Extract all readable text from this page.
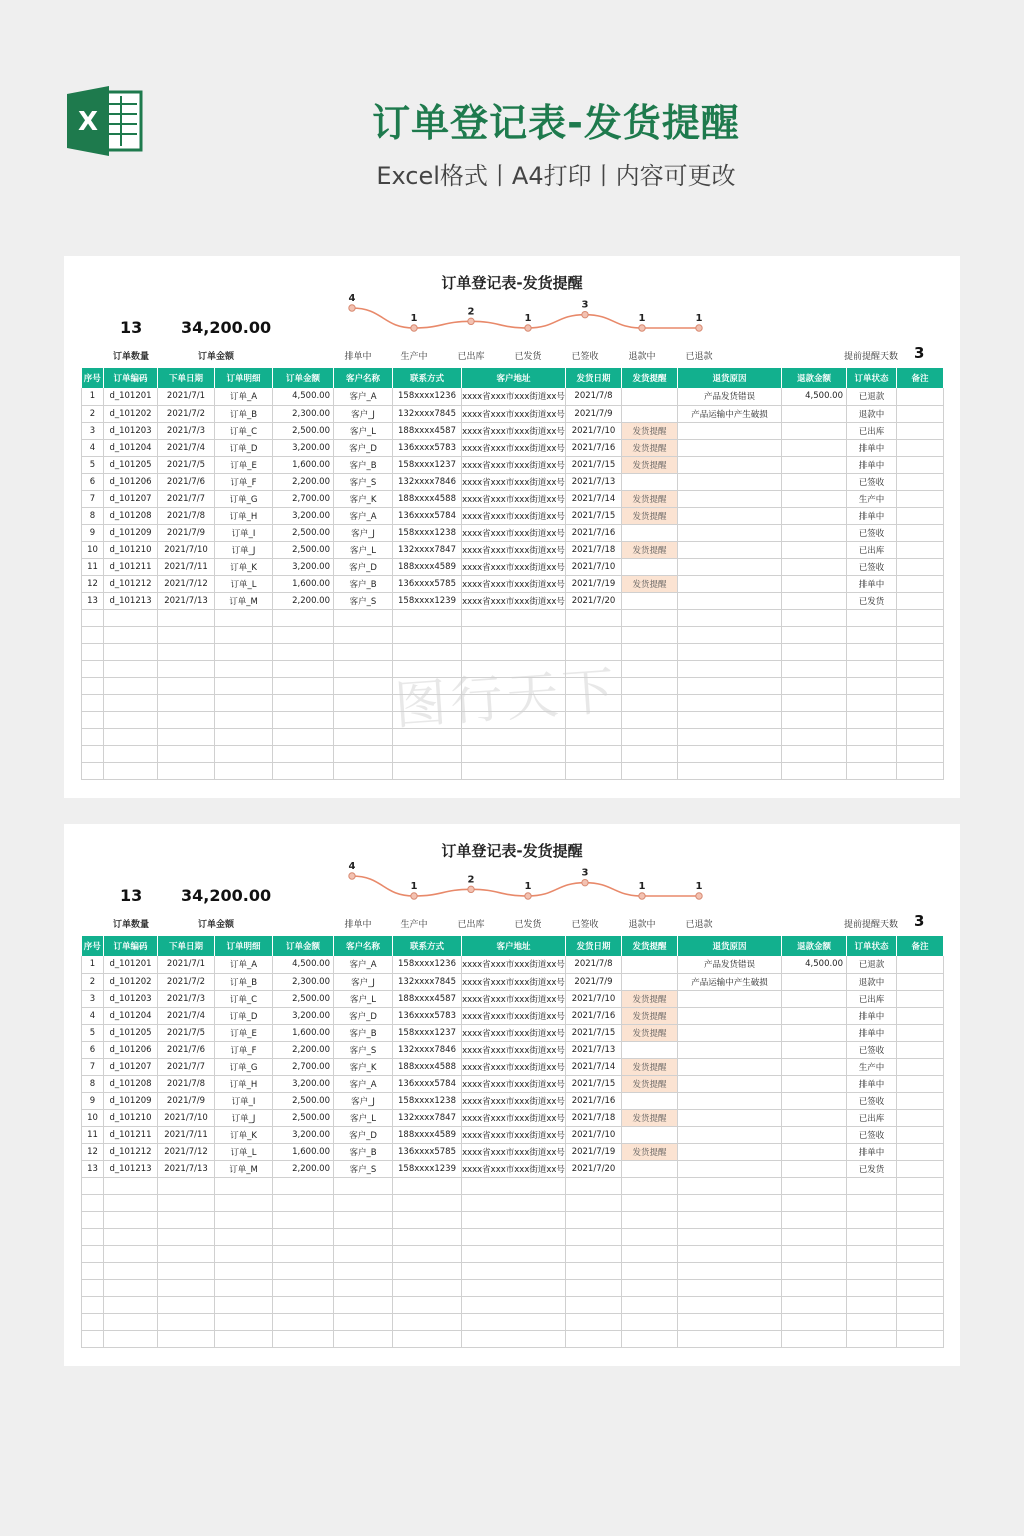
X	订单登记表-发货提醒
Excel格式丨A4打印丨内容可更改
订单登记表-发货提醒
13 34,200.00
订单数量	订单金额
4
1
2
1
3
1	1
排单中	生产中	已出库	已发货	已签收	退款中	已退款	提前提醒天数 3
图行天下
序号	订单编码	下单日期	订单明细	订单金额	客户名称	联系方式	客户地址	发货日期	发货提醒	退货原因	退款金额	订单状态	备注
1	d_101201	2021/7/1	订单_A	4,500.00	客户_A	158xxxx1236	xxxx省xxx市xxx街道xx号	2021/7/8		产品发货错误	4,500.00	已退款	
2	d_101202	2021/7/2	订单_B	2,300.00	客户_J	132xxxx7845	xxxx省xxx市xxx街道xx号	2021/7/9		产品运输中产生破损		退款中	
3	d_101203	2021/7/3	订单_C	2,500.00	客户_L	188xxxx4587	xxxx省xxx市xxx街道xx号	2021/7/10	发货提醒			已出库	
4	d_101204	2021/7/4	订单_D	3,200.00	客户_D	136xxxx5783	xxxx省xxx市xxx街道xx号	2021/7/16	发货提醒			排单中	
5	d_101205	2021/7/5	订单_E	1,600.00	客户_B	158xxxx1237	xxxx省xxx市xxx街道xx号	2021/7/15	发货提醒			排单中	
6	d_101206	2021/7/6	订单_F	2,200.00	客户_S	132xxxx7846	xxxx省xxx市xxx街道xx号	2021/7/13				已签收	
7	d_101207	2021/7/7	订单_G	2,700.00	客户_K	188xxxx4588	xxxx省xxx市xxx街道xx号	2021/7/14	发货提醒			生产中	
8	d_101208	2021/7/8	订单_H	3,200.00	客户_A	136xxxx5784	xxxx省xxx市xxx街道xx号	2021/7/15	发货提醒			排单中	
9	d_101209	2021/7/9	订单_I	2,500.00	客户_J	158xxxx1238	xxxx省xxx市xxx街道xx号	2021/7/16				已签收	
10	d_101210	2021/7/10	订单_J	2,500.00	客户_L	132xxxx7847	xxxx省xxx市xxx街道xx号	2021/7/18	发货提醒			已出库	
11	d_101211	2021/7/11	订单_K	3,200.00	客户_D	188xxxx4589	xxxx省xxx市xxx街道xx号	2021/7/10				已签收	
12	d_101212	2021/7/12	订单_L	1,600.00	客户_B	136xxxx5785	xxxx省xxx市xxx街道xx号	2021/7/19	发货提醒			排单中	
13	d_101213	2021/7/13	订单_M	2,200.00	客户_S	158xxxx1239	xxxx省xxx市xxx街道xx号	2021/7/20				已发货	

订单登记表-发货提醒
13 34,200.00
订单数量	订单金额
4
1
2
1
3
1	1
排单中	生产中	已出库	已发货	已签收	退款中	已退款	提前提醒天数 3
序号	订单编码	下单日期	订单明细	订单金额	客户名称	联系方式	客户地址	发货日期	发货提醒	退货原因	退款金额	订单状态	备注
1	d_101201	2021/7/1	订单_A	4,500.00	客户_A	158xxxx1236	xxxx省xxx市xxx街道xx号	2021/7/8		产品发货错误	4,500.00	已退款	
2	d_101202	2021/7/2	订单_B	2,300.00	客户_J	132xxxx7845	xxxx省xxx市xxx街道xx号	2021/7/9		产品运输中产生破损		退款中	
3	d_101203	2021/7/3	订单_C	2,500.00	客户_L	188xxxx4587	xxxx省xxx市xxx街道xx号	2021/7/10	发货提醒			已出库	
4	d_101204	2021/7/4	订单_D	3,200.00	客户_D	136xxxx5783	xxxx省xxx市xxx街道xx号	2021/7/16	发货提醒			排单中	
5	d_101205	2021/7/5	订单_E	1,600.00	客户_B	158xxxx1237	xxxx省xxx市xxx街道xx号	2021/7/15	发货提醒			排单中	
6	d_101206	2021/7/6	订单_F	2,200.00	客户_S	132xxxx7846	xxxx省xxx市xxx街道xx号	2021/7/13				已签收	
7	d_101207	2021/7/7	订单_G	2,700.00	客户_K	188xxxx4588	xxxx省xxx市xxx街道xx号	2021/7/14	发货提醒			生产中	
8	d_101208	2021/7/8	订单_H	3,200.00	客户_A	136xxxx5784	xxxx省xxx市xxx街道xx号	2021/7/15	发货提醒			排单中	
9	d_101209	2021/7/9	订单_I	2,500.00	客户_J	158xxxx1238	xxxx省xxx市xxx街道xx号	2021/7/16				已签收	
10	d_101210	2021/7/10	订单_J	2,500.00	客户_L	132xxxx7847	xxxx省xxx市xxx街道xx号	2021/7/18	发货提醒			已出库	
11	d_101211	2021/7/11	订单_K	3,200.00	客户_D	188xxxx4589	xxxx省xxx市xxx街道xx号	2021/7/10				已签收	
12	d_101212	2021/7/12	订单_L	1,600.00	客户_B	136xxxx5785	xxxx省xxx市xxx街道xx号	2021/7/19	发货提醒			排单中	
13	d_101213	2021/7/13	订单_M	2,200.00	客户_S	158xxxx1239	xxxx省xxx市xxx街道xx号	2021/7/20				已发货	
